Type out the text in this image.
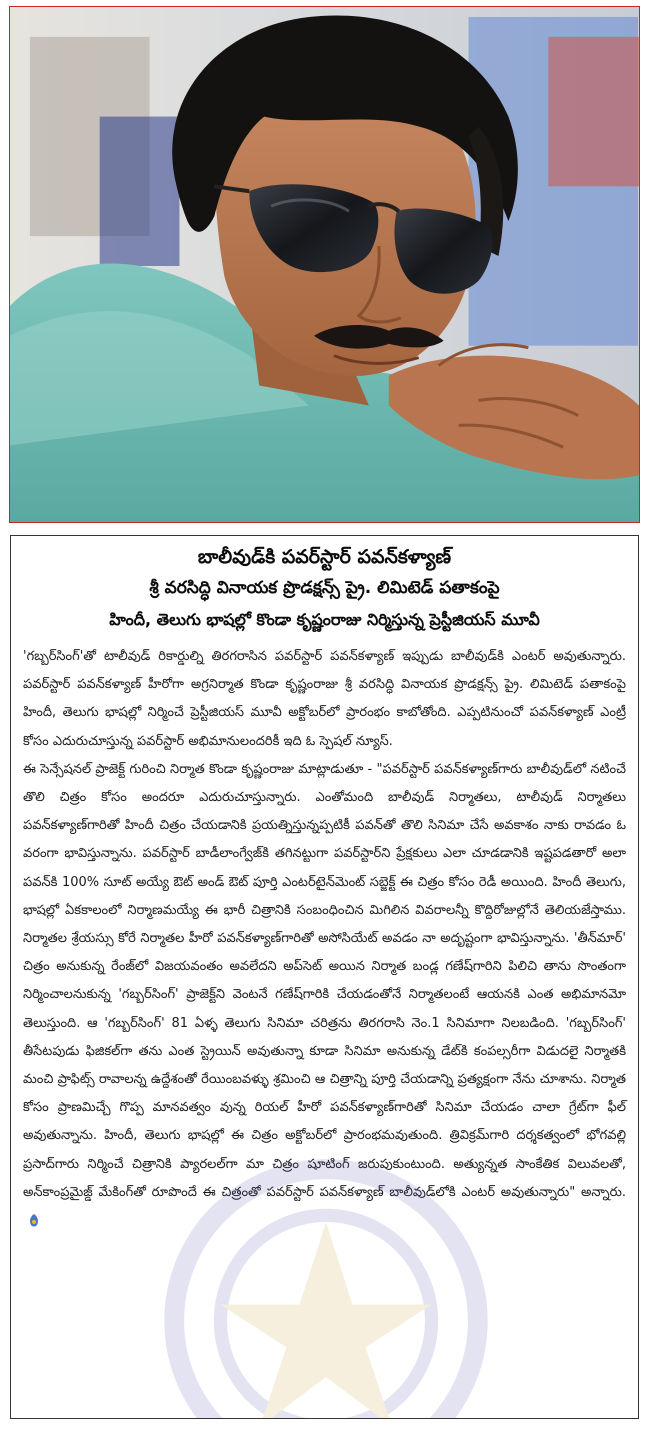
బాలీవుడ్‌కి పవర్‌స్టార్ పవన్‌కళ్యాణ్
శ్రీ వరసిద్ధి వినాయక ప్రొడక్షన్స్ ప్రై. లిమిటెడ్ పతాకంపై
హిందీ, తెలుగు భాషల్లో కొండా కృష్ణంరాజు నిర్మిస్తున్న ప్రెస్టీజియస్ మూవీ

'గబ్బర్‌సింగ్'తో టాలీవుడ్ రికార్డుల్ని తిరగరాసిన పవర్‌స్టార్ పవన్‌కళ్యాణ్ ఇప్పుడు బాలీవుడ్‌కి ఎంటర్ అవుతున్నారు. పవర్‌స్టార్ పవన్‌కళ్యాణ్ హీరోగా అగ్రనిర్మాత కొండా కృష్ణంరాజు శ్రీ వరసిద్ధి వినాయక ప్రొడక్షన్స్ ప్రై. లిమిటెడ్ పతాకంపై హిందీ, తెలుగు భాషల్లో నిర్మించే ప్రెస్టీజియస్ మూవీ అక్టోబర్‌లో ప్రారంభం కాబోతోంది. ఎప్పటినుంచో పవన్‌కళ్యాణ్ ఎంట్రీ కోసం ఎదురుచూస్తున్న పవర్‌స్టార్ అభిమానులందరికీ ఇది ఓ స్పెషల్ న్యూస్.

ఈ సెన్సేషనల్ ప్రాజెక్ట్ గురించి నిర్మాత కొండా కృష్ణంరాజు మాట్లాడుతూ - "పవర్‌స్టార్ పవన్‌కళ్యాణ్‌గారు బాలీవుడ్‌లో నటించే తొలి చిత్రం కోసం అందరూ ఎదురుచూస్తున్నారు. ఎంతోమంది బాలీవుడ్ నిర్మాతలు, టాలీవుడ్ నిర్మాతలు పవన్‌కళ్యాణ్‌గారితో హిందీ చిత్రం చేయడానికి ప్రయత్నిస్తున్నప్పటికీ పవన్‌తో తొలి సినిమా చేసే అవకాశం నాకు రావడం ఓ వరంగా భావిస్తున్నాను. పవర్‌స్టార్ బాడీలాంగ్వేజ్‌కి తగినట్టుగా పవర్‌స్టార్‌ని ప్రేక్షకులు ఎలా చూడడానికి ఇష్టపడతారో అలా పవన్‌కి 100% సూట్ అయ్యే ఔట్ అండ్ ఔట్ పూర్తి ఎంటర్‌టైన్‌మెంట్ సబ్జెక్ట్ ఈ చిత్రం కోసం రెడీ అయింది. హిందీ తెలుగు, భాషల్లో ఏకకాలంలో నిర్మాణమయ్యే ఈ భారీ చిత్రానికి సంబంధించిన మిగిలిన వివరాలన్నీ కొద్దిరోజుల్లోనే తెలియజేస్తాము. నిర్మాతల శ్రేయస్సు కోరే నిర్మాతల హీరో పవన్‌కళ్యాణ్‌గారితో అసోసియేట్ అవడం నా అదృష్టంగా భావిస్తున్నాను. 'తీన్‌మార్' చిత్రం అనుకున్న రేంజ్‌లో విజయవంతం అవలేదని అప్‌సెట్ అయిన నిర్మాత బండ్ల గణేష్‌గారిని పిలిచి తాను సొంతంగా నిర్మించాలనుకున్న 'గబ్బర్‌సింగ్' ప్రాజెక్ట్‌ని వెంటనే గణేష్‌గారికి చేయడంతోనే నిర్మాతలంటే ఆయనకి ఎంత అభిమానమో తెలుస్తుంది. ఆ 'గబ్బర్‌సింగ్' 81 ఏళ్ళ తెలుగు సినిమా చరిత్రను తిరగరాసి నెం.1 సినిమాగా నిలబడింది. 'గబ్బర్‌సింగ్' తీసేటపుడు ఫిజికల్‌గా తను ఎంత స్ట్రెయిన్ అవుతున్నా కూడా సినిమా అనుకున్న డేట్‌కి కంపల్సరీగా విడుదలై నిర్మాతకి మంచి ప్రాఫిట్స్ రావాలన్న ఉద్దేశంతో రేయింబవళ్ళు శ్రమించి ఆ చిత్రాన్ని పూర్తి చేయడాన్ని ప్రత్యక్షంగా నేను చూశాను. నిర్మాత కోసం ప్రాణమిచ్చే గొప్ప మానవత్వం వున్న రియల్ హీరో పవన్‌కళ్యాణ్‌గారితో సినిమా చేయడం చాలా గ్రేట్‌గా ఫీల్ అవుతున్నాను. హిందీ, తెలుగు భాషల్లో ఈ చిత్రం అక్టోబర్‌లో ప్రారంభమవుతుంది. త్రివిక్రమ్‌గారి దర్శకత్వంలో భోగవల్లి ప్రసాద్‌గారు నిర్మించే చిత్రానికి ప్యారలల్‌గా మా చిత్రం షూటింగ్ జరుపుకుంటుంది. అత్యున్నత సాంకేతిక విలువలతో, అన్‌కాంప్రమైజ్డ్ మేకింగ్‌తో రూపొందే ఈ చిత్రంతో పవర్‌స్టార్ పవన్‌కళ్యాణ్ బాలీవుడ్‌లోకి ఎంటర్ అవుతున్నారు" అన్నారు.
